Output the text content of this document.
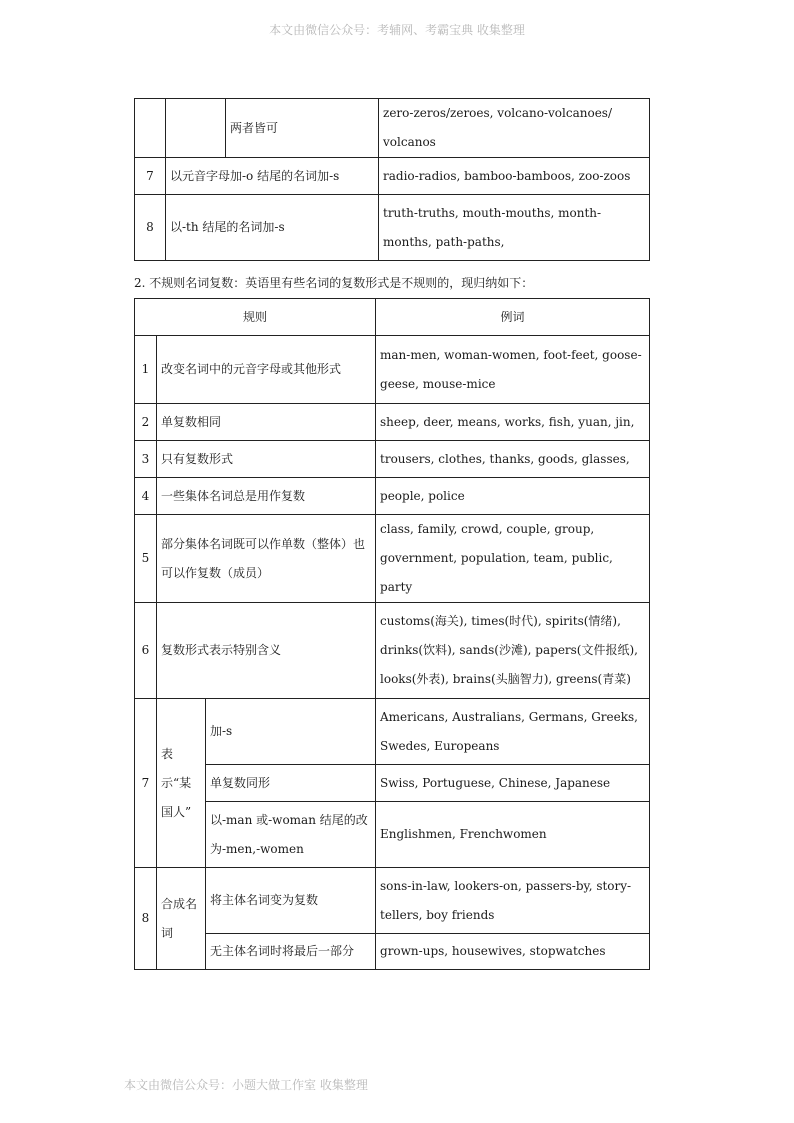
本文由微信公众号：考辅网、考霸宝典 收集整理
		两者皆可	zero-zeros/zeroes, volcano-volcanoes/ volcanos
7	以元音字母加-o 结尾的名词加-s		radio-radios, bamboo-bamboos, zoo-zoos
8	以-th 结尾的名词加-s		truth-truths, mouth-mouths, month-months, path-paths,
2. 不规则名词复数：英语里有些名词的复数形式是不规则的，现归纳如下：
规则			例词
1	改变名词中的元音字母或其他形式		man-men, woman-women, foot-feet, goose-geese, mouse-mice
2	单复数相同		sheep, deer, means, works, fish, yuan, jin,
3	只有复数形式		trousers, clothes, thanks, goods, glasses,
4	一些集体名词总是用作复数		people, police
5	部分集体名词既可以作单数（整体）也可以作复数（成员）		class, family, crowd, couple, group, government, population, team, public, party
6	复数形式表示特别含义		customs(海关), times(时代), spirits(情绪), drinks(饮料), sands(沙滩), papers(文件报纸), looks(外表), brains(头脑智力), greens(青菜)
7	表示“某国人”	加-s	Americans, Australians, Germans, Greeks, Swedes, Europeans
		单复数同形	Swiss, Portuguese, Chinese, Japanese
		以-man 或-woman 结尾的改为-men,-women	Englishmen, Frenchwomen
8	合成名词	将主体名词变为复数	sons-in-law, lookers-on, passers-by, story-tellers, boy friends
		无主体名词时将最后一部分	grown-ups, housewives, stopwatches
本文由微信公众号：小题大做工作室 收集整理
